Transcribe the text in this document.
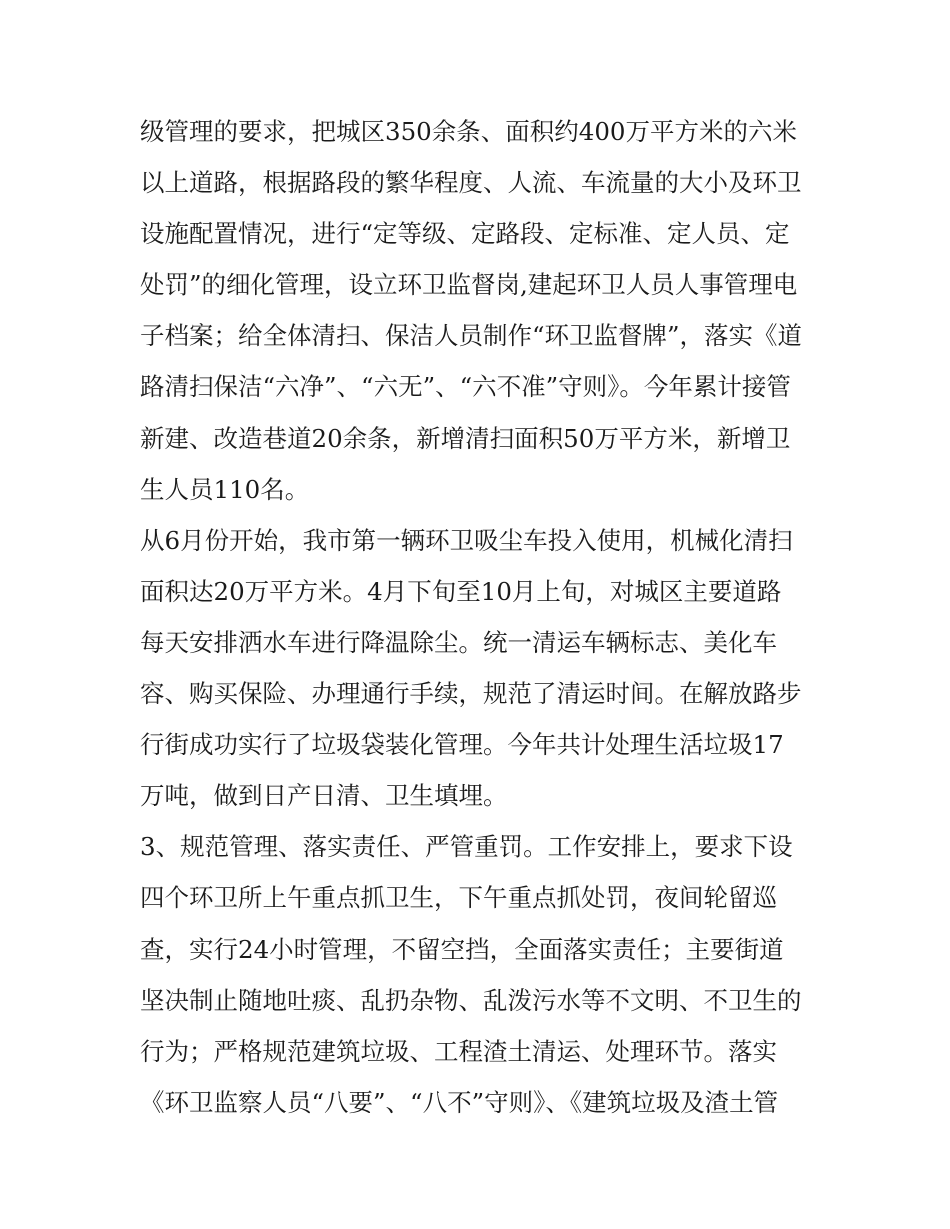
级管理的要求，把城区350余条、面积约400万平方米的六米
以上道路，根据路段的繁华程度、人流、车流量的大小及环卫
设施配置情况，进行“定等级、定路段、定标准、定人员、定
处罚”的细化管理，设立环卫监督岗,建起环卫人员人事管理电
子档案；给全体清扫、保洁人员制作“环卫监督牌”，落实《道
路清扫保洁“六净”、“六无”、“六不准”守则》。今年累计接管
新建、改造巷道20余条，新增清扫面积50万平方米，新增卫
生人员110名。
从6月份开始，我市第一辆环卫吸尘车投入使用，机械化清扫
面积达20万平方米。4月下旬至10月上旬，对城区主要道路
每天安排洒水车进行降温除尘。统一清运车辆标志、美化车
容、购买保险、办理通行手续，规范了清运时间。在解放路步
行街成功实行了垃圾袋装化管理。今年共计处理生活垃圾17
万吨，做到日产日清、卫生填埋。
3、规范管理、落实责任、严管重罚。工作安排上，要求下设
四个环卫所上午重点抓卫生，下午重点抓处罚，夜间轮留巡
查，实行24小时管理，不留空挡，全面落实责任；主要街道
坚决制止随地吐痰、乱扔杂物、乱泼污水等不文明、不卫生的
行为；严格规范建筑垃圾、工程渣土清运、处理环节。落实
《环卫监察人员“八要”、“八不”守则》、《建筑垃圾及渣土管
